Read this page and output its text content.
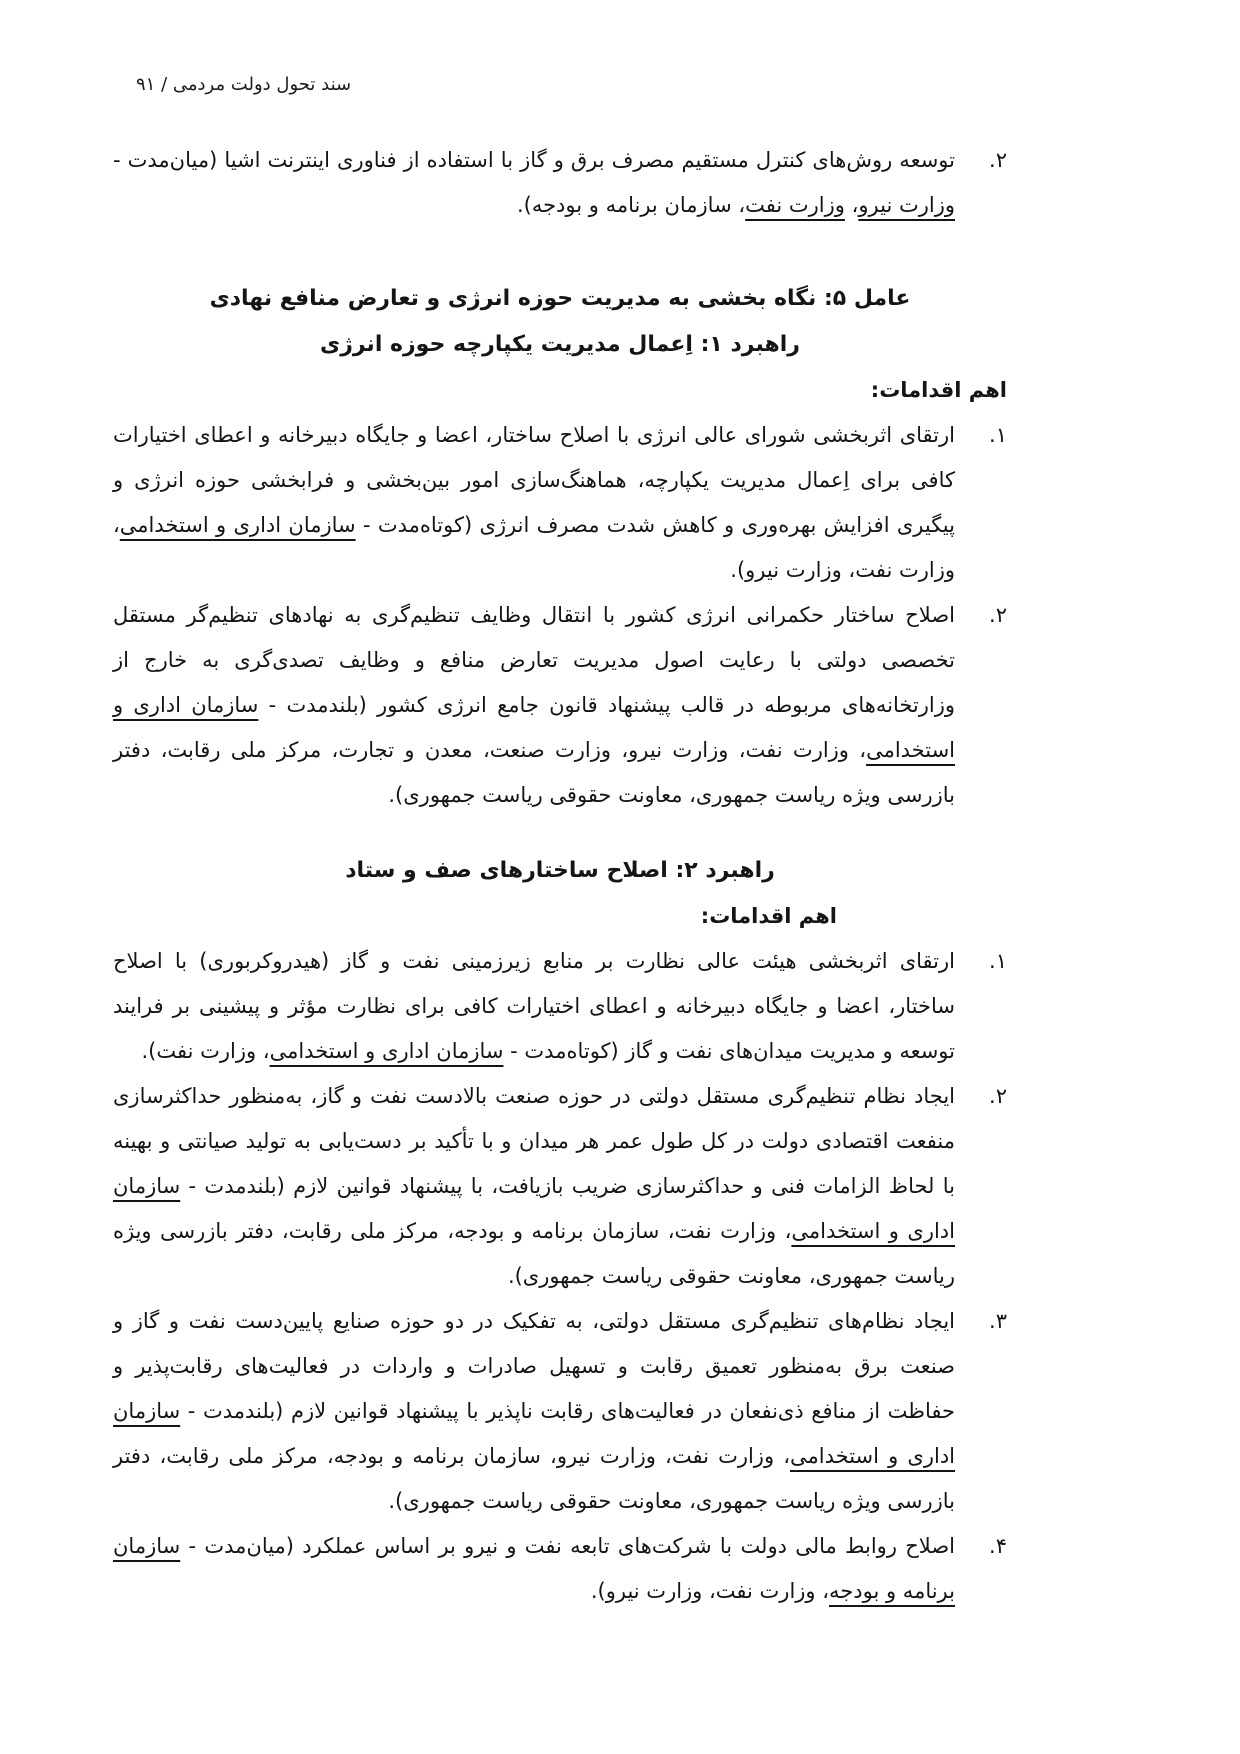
سند تحول دولت مردمی / ۹۱
۲.
توسعه روش‌های کنترل مستقیم مصرف برق و گاز با استفاده از فناوری اینترنت اشیا (میان‌مدت - وزارت نیرو، وزارت نفت، سازمان برنامه و بودجه).
عامل ۵: نگاه بخشی به مدیریت حوزه انرژی و تعارض منافع نهادی
راهبرد ۱: اِعمال مدیریت یکپارچه حوزه انرژی
اهم اقدامات:
۱.
ارتقای اثربخشی شورای عالی انرژی با اصلاح ساختار، اعضا و جایگاه دبیرخانه و اعطای اختیارات کافی برای اِعمال مدیریت یکپارچه، هماهنگ‌سازی امور بین‌بخشی و فرابخشی حوزه انرژی و پیگیری افزایش بهره‌وری و کاهش شدت مصرف انرژی (کوتاه‌مدت - سازمان اداری و استخدامی، وزارت نفت، وزارت نیرو).
۲.
اصلاح ساختار حکمرانی انرژی کشور با انتقال وظایف تنظیم‌گری به نهادهای تنظیم‌گر مستقل تخصصی دولتی با رعایت اصول مدیریت تعارض منافع و وظایف تصدی‌گری به خارج از وزارتخانه‌های مربوطه در قالب پیشنهاد قانون جامع انرژی کشور (بلندمدت - سازمان اداری و استخدامی، وزارت نفت، وزارت نیرو، وزارت صنعت، معدن و تجارت، مرکز ملی رقابت، دفتر بازرسی ویژه ریاست جمهوری، معاونت حقوقی ریاست جمهوری).
راهبرد ۲: اصلاح ساختارهای صف و ستاد
اهم اقدامات:
۱.
ارتقای اثربخشی هیئت عالی نظارت بر منابع زیرزمینی نفت و گاز (هیدروکربوری) با اصلاح ساختار، اعضا و جایگاه دبیرخانه و اعطای اختیارات کافی برای نظارت مؤثر و پیشینی بر فرایند توسعه و مدیریت میدان‌های نفت و گاز (کوتاه‌مدت - سازمان اداری و استخدامی، وزارت نفت).
۲.
ایجاد نظام تنظیم‌گری مستقل دولتی در حوزه صنعت بالادست نفت و گاز، به‌منظور حداکثرسازی منفعت اقتصادی دولت در کل طول عمر هر میدان و با تأکید بر دست‌یابی به تولید صیانتی و بهینه با لحاظ الزامات فنی و حداکثرسازی ضریب بازیافت، با پیشنهاد قوانین لازم (بلندمدت - سازمان اداری و استخدامی، وزارت نفت، سازمان برنامه و بودجه، مرکز ملی رقابت، دفتر بازرسی ویژه ریاست جمهوری، معاونت حقوقی ریاست جمهوری).
۳.
ایجاد نظام‌های تنظیم‌گری مستقل دولتی، به تفکیک در دو حوزه صنایع پایین‌دست نفت و گاز و صنعت برق به‌منظور تعمیق رقابت و تسهیل صادرات و واردات در فعالیت‌های رقابت‌پذیر و حفاظت از منافع ذی‌نفعان در فعالیت‌های رقابت ناپذیر با پیشنهاد قوانین لازم (بلندمدت - سازمان اداری و استخدامی، وزارت نفت، وزارت نیرو، سازمان برنامه و بودجه، مرکز ملی رقابت، دفتر بازرسی ویژه ریاست جمهوری، معاونت حقوقی ریاست جمهوری).
۴.
اصلاح روابط مالی دولت با شرکت‌های تابعه نفت و نیرو بر اساس عملکرد (میان‌مدت - سازمان برنامه و بودجه، وزارت نفت، وزارت نیرو).
